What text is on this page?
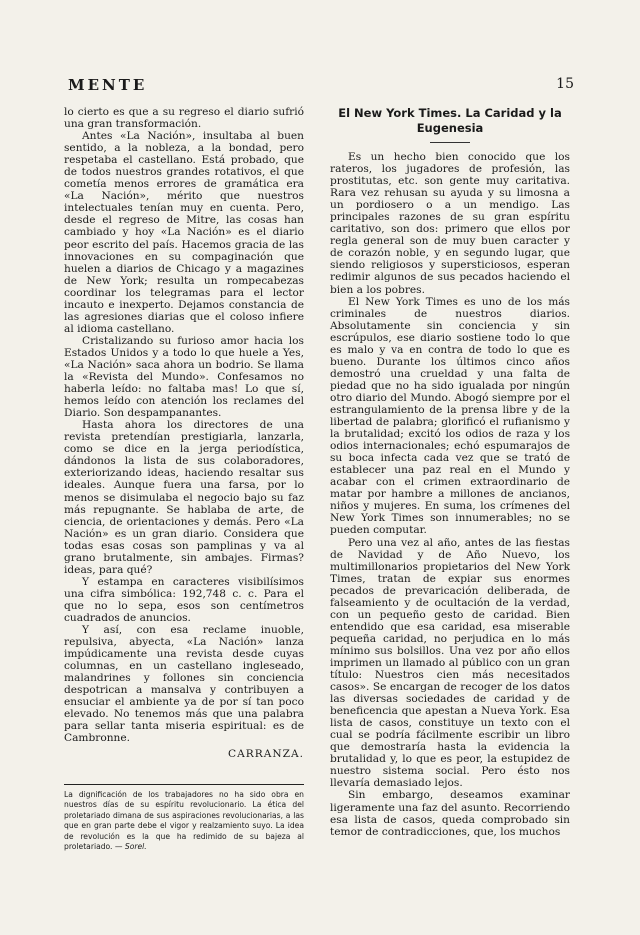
MENTE	15

lo cierto es que a su regreso el diario sufrió una gran transformación.

Antes «La Nación», insultaba al buen sentido, a la nobleza, a la bondad, pero respetaba el castellano. Está probado, que de todos nuestros grandes rotativos, el que cometía menos errores de gramática era «La Nación», mérito que nuestros intelectuales tenían muy en cuenta. Pero, desde el regreso de Mitre, las cosas han cambiado y hoy «La Nación» es el diario peor escrito del país. Hacemos gracia de las innovaciones en su compaginación que huelen a diarios de Chicago y a magazines de New York; resulta un rompecabezas coordinar los telegramas para el lector incauto e inexperto. Dejamos constancia de las agresiones diarias que el coloso infiere al idioma castellano.

Cristalizando su furioso amor hacia los Estados Unidos y a todo lo que huele a Yes, «La Nación» saca ahora un bodrio. Se llama la «Revista del Mundo». Confesamos no haberla leído: no faltaba mas! Lo que sí, hemos leído con atención los reclames del Diario. Son despampanantes.

Hasta ahora los directores de una revista pretendían prestigiarla, lanzarla, como se dice en la jerga periodística, dándonos la lista de sus colaboradores, exteriorizando ideas, haciendo resaltar sus ideales. Aunque fuera una farsa, por lo menos se disimulaba el negocio bajo su faz más repugnante. Se hablaba de arte, de ciencia, de orientaciones y demás. Pero «La Nación» es un gran diario. Considera que todas esas cosas son pamplinas y va al grano brutalmente, sin ambajes. Firmas? ideas, para qué?

Y estampa en caracteres visibilísimos una cifra simbólica: 192,748 c. c. Para el que no lo sepa, esos son centímetros cuadrados de anuncios.

Y así, con esa reclame inuoble, repulsiva, abyecta, «La Nación» lanza impúdicamente una revista desde cuyas columnas, en un castellano ingleseado, malandrines y follones sin conciencia despotrican a mansalva y contribuyen a ensuciar el ambiente ya de por sí tan poco elevado. No tenemos más que una palabra para sellar tanta miseria espiritual: es de Cambronne.

CARRANZA.

La dignificación de los trabajadores no ha sido obra en nuestros días de su espíritu revolucionario. La ética del proletariado dimana de sus aspiraciones revolucionarias, a las que en gran parte debe el vigor y realzamiento suyo. La idea de revolución es la que ha redimido de su bajeza al proletariado. — Sorel.
El New York Times. La Caridad y la Eugenesia

Es un hecho bien conocido que los rateros, los jugadores de profesión, las prostitutas, etc. son gente muy caritativa. Rara vez rehusan su ayuda y su limosna a un pordiosero o a un mendigo. Las principales razones de su gran espíritu caritativo, son dos: primero que ellos por regla general son de muy buen caracter y de corazón noble, y en segundo lugar, que siendo religiosos y supersticiosos, esperan redimir algunos de sus pecados haciendo el bien a los pobres.

El New York Times es uno de los más criminales de nuestros diarios. Absolutamente sin conciencia y sin escrúpulos, ese diario sostiene todo lo que es malo y va en contra de todo lo que es bueno. Durante los últimos cinco años demostró una crueldad y una falta de piedad que no ha sido igualada por ningún otro diario del Mundo. Abogó siempre por el estrangulamiento de la prensa libre y de la libertad de palabra; glorificó el rufianismo y la brutalidad; excitó los odios de raza y los odios internacionales; echó espumarajos de su boca infecta cada vez que se trató de establecer una paz real en el Mundo y acabar con el crimen extraordinario de matar por hambre a millones de ancianos, niños y mujeres. En suma, los crímenes del New York Times son innumerables; no se pueden computar.

Pero una vez al año, antes de las fiestas de Navidad y de Año Nuevo, los multimillonarios propietarios del New York Times, tratan de expiar sus enormes pecados de prevaricación deliberada, de falseamiento y de ocultación de la verdad, con un pequeño gesto de caridad. Bien entendido que esa caridad, esa miserable pequeña caridad, no perjudica en lo más mínimo sus bolsillos. Una vez por año ellos imprimen un llamado al público con un gran título: Nuestros cien más necesitados casos». Se encargan de recoger de los datos las diversas sociedades de caridad y de beneficencia que apestan a Nueva York. Esa lista de casos, constituye un texto con el cual se podría fácilmente escribir un libro que demostraría hasta la evidencia la brutalidad y, lo que es peor, la estupidez de nuestro sistema social. Pero ésto nos llevaría demasiado lejos.

Sin embargo, deseamos examinar ligeramente una faz del asunto. Recorriendo esa lista de casos, queda comprobado sin temor de contradicciones, que, los muchos
